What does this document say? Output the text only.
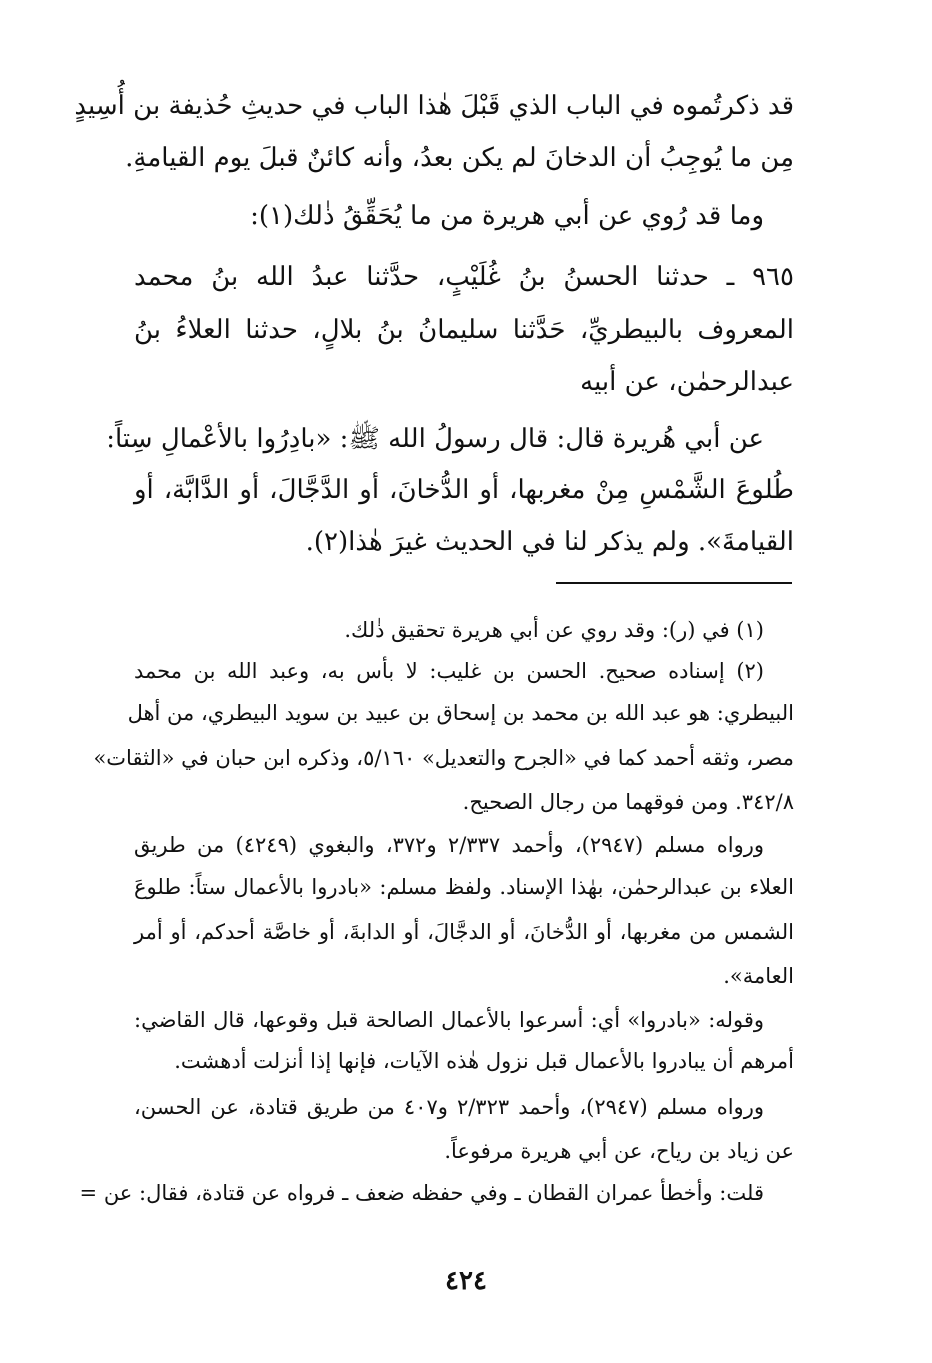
قد ذكرتُموه في الباب الذي قَبْلَ هٰذا الباب في حديثِ حُذيفة بن أُسِيدٍ
مِن ما يُوجِبُ أن الدخانَ لم يكن بعدُ، وأنه كائنٌ قبلَ يوم القيامةِ.
وما قد رُوي عن أبي هريرة من ما يُحَقِّقُ ذٰلك(١):
٩٦٥ ـ حدثنا الحسنُ بنُ غُلَيْبٍ، حدَّثنا عبدُ الله بنُ محمد
المعروف بالبيطريِّ، حَدَّثنا سليمانُ بنُ بلالٍ، حدثنا العلاءُ بنُ
عبدالرحمٰن، عن أبيه
عن أبي هُريرة قال: قال رسولُ الله ﷺ: «بادِرُوا بالأعْمالِ سِتاً:
طُلوعَ الشَّمْسِ مِنْ مغربها، أو الدُّخانَ، أو الدَّجَّالَ، أو الدَّابَّة، أو
القيامةَ». ولم يذكر لنا في الحديث غيرَ هٰذا(٢).
(١) في (ر): وقد روي عن أبي هريرة تحقيق ذٰلك.
(٢) إسناده صحيح. الحسن بن غليب: لا بأس به، وعبد الله بن محمد
البيطري: هو عبد الله بن محمد بن إسحاق بن عبيد بن سويد البيطري، من أهل
مصر، وثقه أحمد كما في «الجرح والتعديل» ٥/١٦٠، وذكره ابن حبان في «الثقات»
٣٤٢/٨. ومن فوقهما من رجال الصحيح.
ورواه مسلم (٢٩٤٧)، وأحمد ٢/٣٣٧ و٣٧٢، والبغوي (٤٢٤٩) من طريق
العلاء بن عبدالرحمٰن، بهٰذا الإسناد. ولفظ مسلم: «بادروا بالأعمال ستاً: طلوعَ
الشمس من مغربها، أو الدُّخانَ، أو الدجَّالَ، أو الدابةَ، أو خاصَّة أحدكم، أو أمر
العامة».
وقوله: «بادروا» أي: أسرعوا بالأعمال الصالحة قبل وقوعها، قال القاضي:
أمرهم أن يبادروا بالأعمال قبل نزول هٰذه الآيات، فإنها إذا أنزلت أدهشت.
ورواه مسلم (٢٩٤٧)، وأحمد ٢/٣٢٣ و٤٠٧ من طريق قتادة، عن الحسن،
عن زياد بن رياح، عن أبي هريرة مرفوعاً.
قلت: وأخطأ عمران القطان ـ وفي حفظه ضعف ـ فرواه عن قتادة، فقال: عن =
٤٢٤
